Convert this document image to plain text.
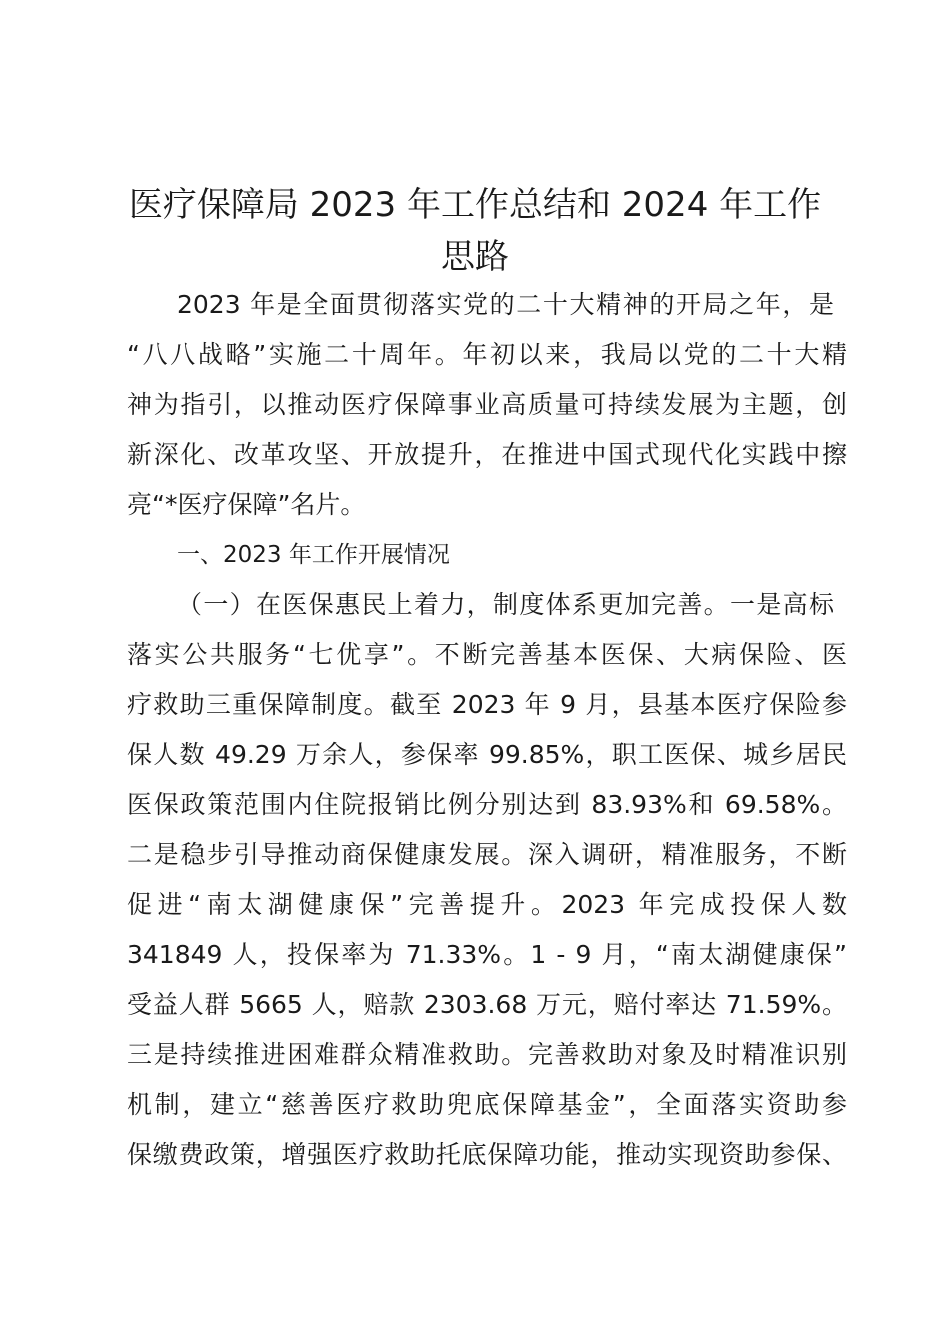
医疗保障局 2023 年工作总结和 2024 年工作
思路
2023 年是全面贯彻落实党的二十大精神的开局之年，是
“八八战略”实施二十周年。年初以来，我局以党的二十大精
神为指引，以推动医疗保障事业高质量可持续发展为主题，创
新深化、改革攻坚、开放提升，在推进中国式现代化实践中擦
亮“*医疗保障”名片。
一、2023 年工作开展情况
（一）在医保惠民上着力，制度体系更加完善。一是高标
落实公共服务“七优享”。不断完善基本医保、大病保险、医
疗救助三重保障制度。截至 2023 年 9 月，县基本医疗保险参
保人数 49.29 万余人，参保率 99.85%，职工医保、城乡居民
医保政策范围内住院报销比例分别达到 83.93%和 69.58%。
二是稳步引导推动商保健康发展。深入调研，精准服务，不断
促进“南太湖健康保”完善提升。2023 年完成投保人数
341849 人，投保率为 71.33%。1 - 9 月，“南太湖健康保”
受益人群 5665 人，赔款 2303.68 万元，赔付率达 71.59%。
三是持续推进困难群众精准救助。完善救助对象及时精准识别
机制，建立“慈善医疗救助兜底保障基金”，全面落实资助参
保缴费政策，增强医疗救助托底保障功能，推动实现资助参保、
